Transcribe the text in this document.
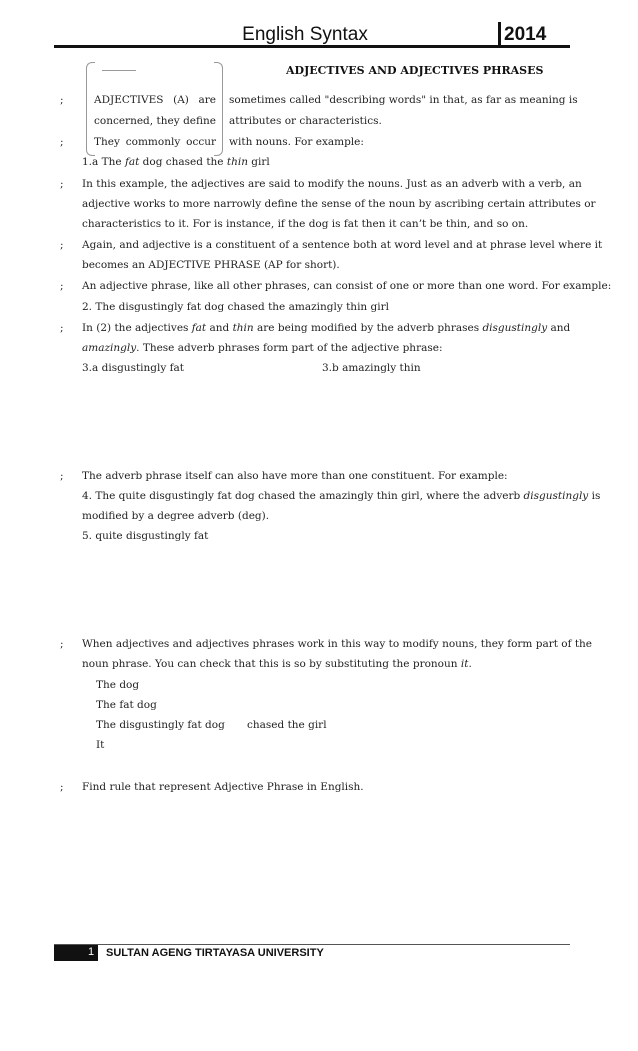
English Syntax	2014
ADJECTIVES AND ADJECTIVES PHRASES
;	ADJECTIVES (A) are sometimes called "describing words" in that, as far as meaning is
concerned, they define attributes or characteristics.
;	They commonly occur with nouns. For example:
1.a The fat dog chased the thin girl
; In this example, the adjectives are said to modify the nouns. Just as an adverb with a verb, an
adjective works to more narrowly define the sense of the noun by ascribing certain attributes or
characteristics to it. For is instance, if the dog is fat then it can’t be thin, and so on.
; Again, and adjective is a constituent of a sentence both at word level and at phrase level where it
becomes an ADJECTIVE PHRASE (AP for short).
; An adjective phrase, like all other phrases, can consist of one or more than one word. For example:
2. The disgustingly fat dog chased the amazingly thin girl
; In (2) the adjectives fat and thin are being modified by the adverb phrases disgustingly and
amazingly. These adverb phrases form part of the adjective phrase:
3.a disgustingly fat	3.b amazingly thin
; The adverb phrase itself can also have more than one constituent. For example:
4. The quite disgustingly fat dog chased the amazingly thin girl, where the adverb disgustingly is
modified by a degree adverb (deg).
5. quite disgustingly fat
; When adjectives and adjectives phrases work in this way to modify nouns, they form part of the
noun phrase. You can check that this is so by substituting the pronoun it.
The dog
The fat dog
The disgustingly fat dog chased the girl
It
; Find rule that represent Adjective Phrase in English.
1 SULTAN AGENG TIRTAYASA UNIVERSITY
